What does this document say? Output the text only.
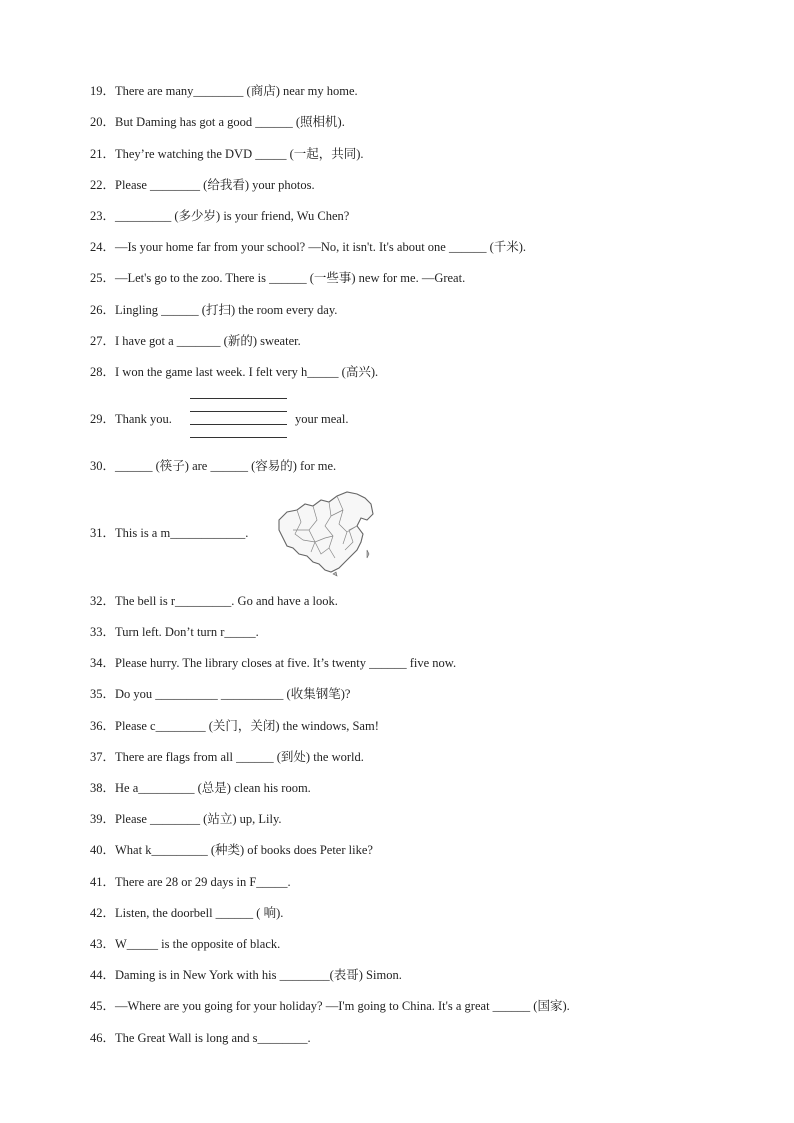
19．There are many________ (商店) near my home.
20．But Daming has got a good ______ (照相机).
21．They’re watching the DVD _____ (一起，共同).
22．Please ________ (给我看) your photos.
23．_________ (多少岁) is your friend, Wu Chen?
24．—Is your home far from your school? —No, it isn't. It's about one ______ (千米).
25．—Let's go to the zoo. There is ______ (一些事) new for me. —Great.
26．Lingling ______ (打扫) the room every day.
27．I have got a _______ (新的) sweater.
28．I won the game last week. I felt very h_____ (高兴).
29．Thank you.	your meal.
30．______ (筷子) are ______ (容易的) for me.
31．This is a m____________.
32．The bell is r_________. Go and have a look.
33．Turn left. Don’t turn r_____.
34．Please hurry. The library closes at five. It’s twenty ______ five now.
35．Do you __________ __________ (收集钢笔)?
36．Please c________ (关门，关闭) the windows, Sam!
37．There are flags from all ______ (到处) the world.
38．He a_________ (总是) clean his room.
39．Please ________ (站立) up, Lily.
40．What k_________ (种类) of books does Peter like?
41．There are 28 or 29 days in F_____.
42．Listen, the doorbell ______ ( 响).
43．W_____ is the opposite of black.
44．Daming is in New York with his ________(表哥) Simon.
45．—Where are you going for your holiday? —I'm going to China. It's a great ______ (国家).
46．The Great Wall is long and s________.
